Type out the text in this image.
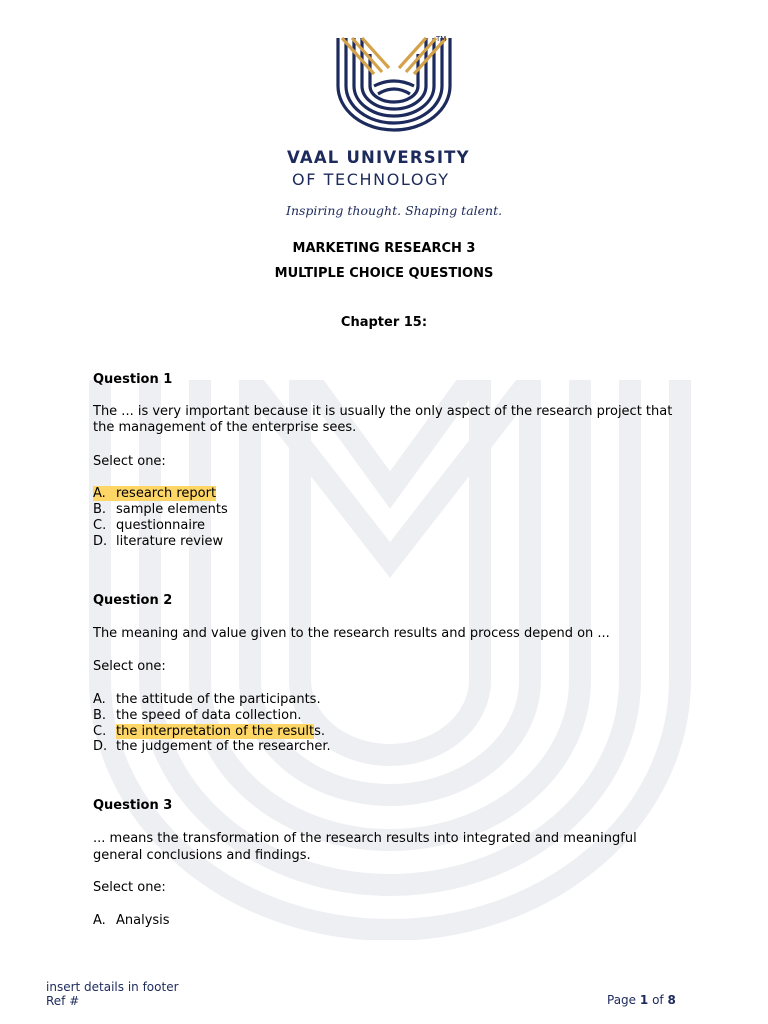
TM
VAAL UNIVERSITY
OF TECHNOLOGY
Inspiring thought. Shaping talent.
MARKETING RESEARCH 3
MULTIPLE CHOICE QUESTIONS
Chapter 15:
Question 1
The ... is very important because it is usually the only aspect of the research project that
the management of the enterprise sees.
Select one:
A. research report
B. sample elements
C. questionnaire
D. literature review
Question 2
The meaning and value given to the research results and process depend on ...
Select one:
A. the attitude of the participants.
B. the speed of data collection.
C. the interpretation of the results.
D. the judgement of the researcher.
Question 3
... means the transformation of the research results into integrated and meaningful
general conclusions and findings.
Select one:
A. Analysis
insert details in footer
Ref #	Page 1 of 8
